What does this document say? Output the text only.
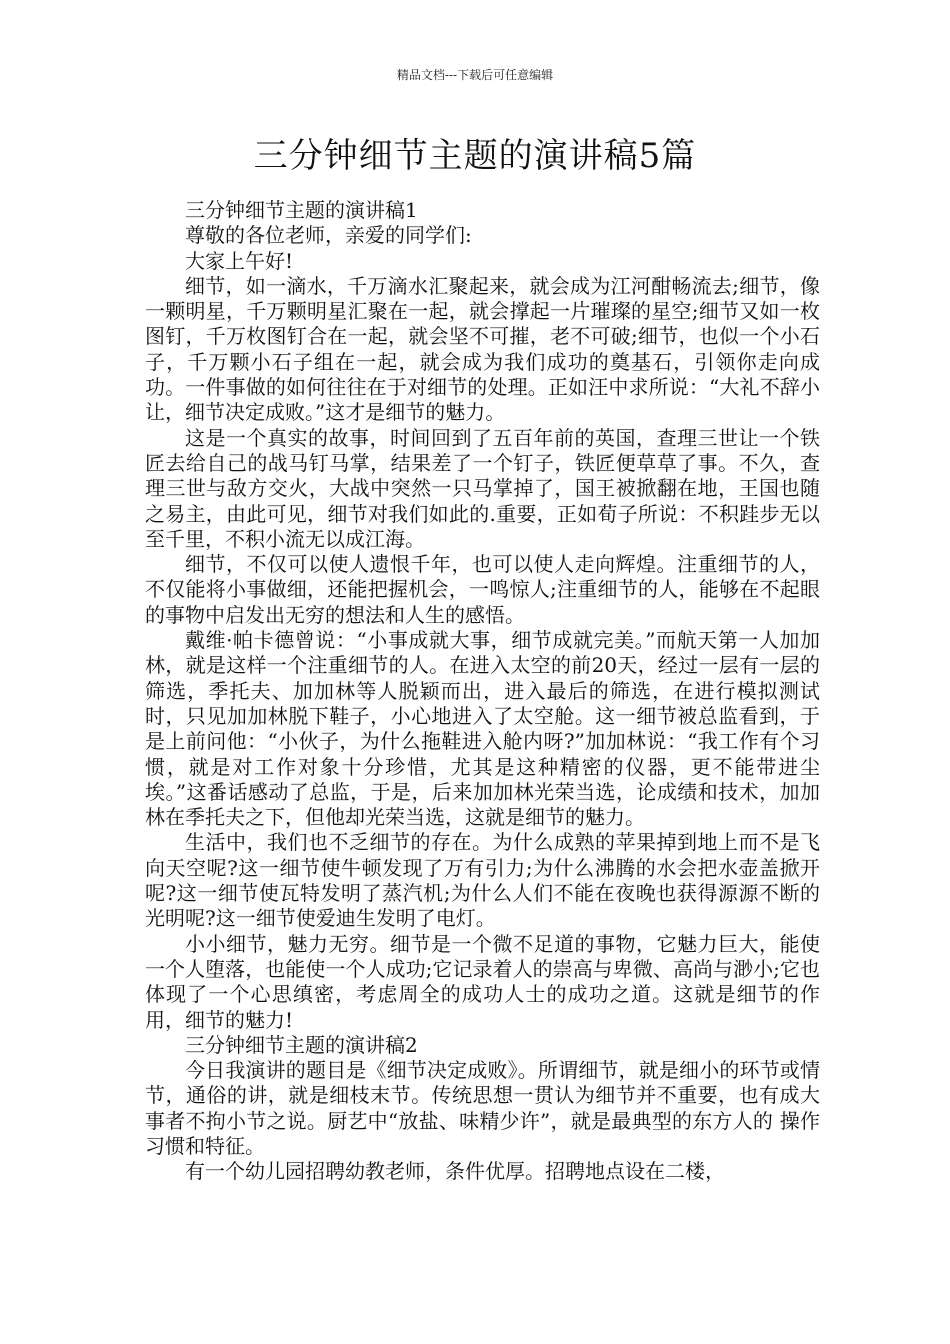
精品文档---下载后可任意编辑
三分钟细节主题的演讲稿5篇

三分钟细节主题的演讲稿1

尊敬的各位老师，亲爱的同学们:

大家上午好!

细节，如一滴水，千万滴水汇聚起来，就会成为江河酣畅流去;细节，像一颗明星，千万颗明星汇聚在一起，就会撑起一片璀璨的星空;细节又如一枚图钉，千万枚图钉合在一起，就会坚不可摧，老不可破;细节，也似一个小石子，千万颗小石子组在一起，就会成为我们成功的奠基石，引领你走向成功。一件事做的如何往往在于对细节的处理。正如汪中求所说：“大礼不辞小让，细节决定成败。”这才是细节的魅力。

这是一个真实的故事，时间回到了五百年前的英国，查理三世让一个铁匠去给自己的战马钉马掌，结果差了一个钉子，铁匠便草草了事。不久，查理三世与敌方交火，大战中突然一只马掌掉了，国王被掀翻在地，王国也随之易主，由此可见，细节对我们如此的.重要，正如荀子所说：不积跬步无以至千里，不积小流无以成江海。

细节，不仅可以使人遗恨千年，也可以使人走向辉煌。注重细节的人，不仅能将小事做细，还能把握机会，一鸣惊人;注重细节的人，能够在不起眼的事物中启发出无穷的想法和人生的感悟。

戴维·帕卡德曾说：“小事成就大事，细节成就完美。”而航天第一人加加林，就是这样一个注重细节的人。在进入太空的前20天，经过一层有一层的筛选，季托夫、加加林等人脱颖而出，进入最后的筛选，在进行模拟测试时，只见加加林脱下鞋子，小心地进入了太空舱。这一细节被总监看到，于是上前问他：“小伙子，为什么拖鞋进入舱内呀?”加加林说：“我工作有个习惯，就是对工作对象十分珍惜，尤其是这种精密的仪器，更不能带进尘埃。”这番话感动了总监，于是，后来加加林光荣当选，论成绩和技术，加加林在季托夫之下，但他却光荣当选，这就是细节的魅力。

生活中，我们也不乏细节的存在。为什么成熟的苹果掉到地上而不是飞向天空呢?这一细节使牛顿发现了万有引力;为什么沸腾的水会把水壶盖掀开呢?这一细节使瓦特发明了蒸汽机;为什么人们不能在夜晚也获得源源不断的光明呢?这一细节使爱迪生发明了电灯。

小小细节，魅力无穷。细节是一个微不足道的事物，它魅力巨大，能使一个人堕落，也能使一个人成功;它记录着人的崇高与卑微、高尚与渺小;它也体现了一个心思缜密，考虑周全的成功人士的成功之道。这就是细节的作用，细节的魅力!

三分钟细节主题的演讲稿2

今日我演讲的题目是《细节决定成败》。所谓细节，就是细小的环节或情节，通俗的讲，就是细枝末节。传统思想一贯认为细节并不重要，也有成大事者不拘小节之说。厨艺中“放盐、味精少许”，就是最典型的东方人的 操作习惯和特征。

有一个幼儿园招聘幼教老师，条件优厚。招聘地点设在二楼，
